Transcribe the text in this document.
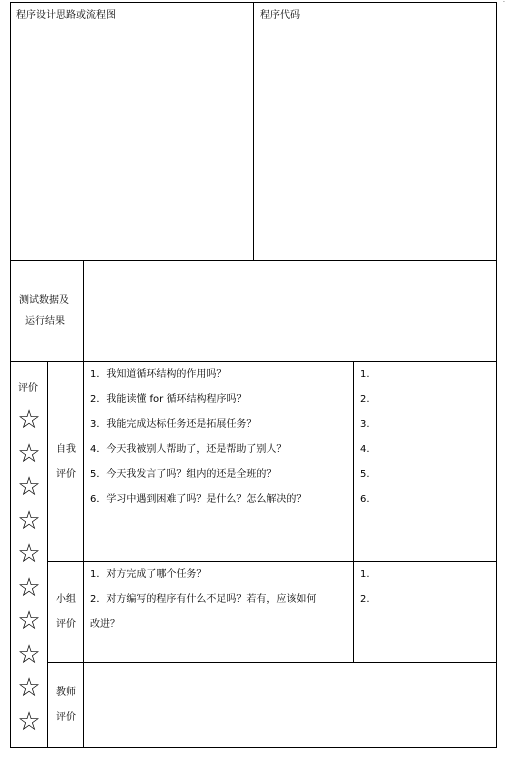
·
程序设计思路或流程图	程序代码
测试数据及
运行结果
评价
☆
☆
☆
☆
☆
☆
☆
☆
☆
☆
自我
评价
1．我知道循环结构的作用吗？
2．我能读懂 for 循环结构程序吗？
3．我能完成达标任务还是拓展任务？
4．今天我被别人帮助了，还是帮助了别人？
5．今天我发言了吗？组内的还是全班的？
6．学习中遇到困难了吗？是什么？怎么解决的？
1.
2.
3.
4.
5.
6.
小组
评价
1．对方完成了哪个任务？
2．对方编写的程序有什么不足吗？若有，应该如何
改进？
1.
2.
教师
评价
